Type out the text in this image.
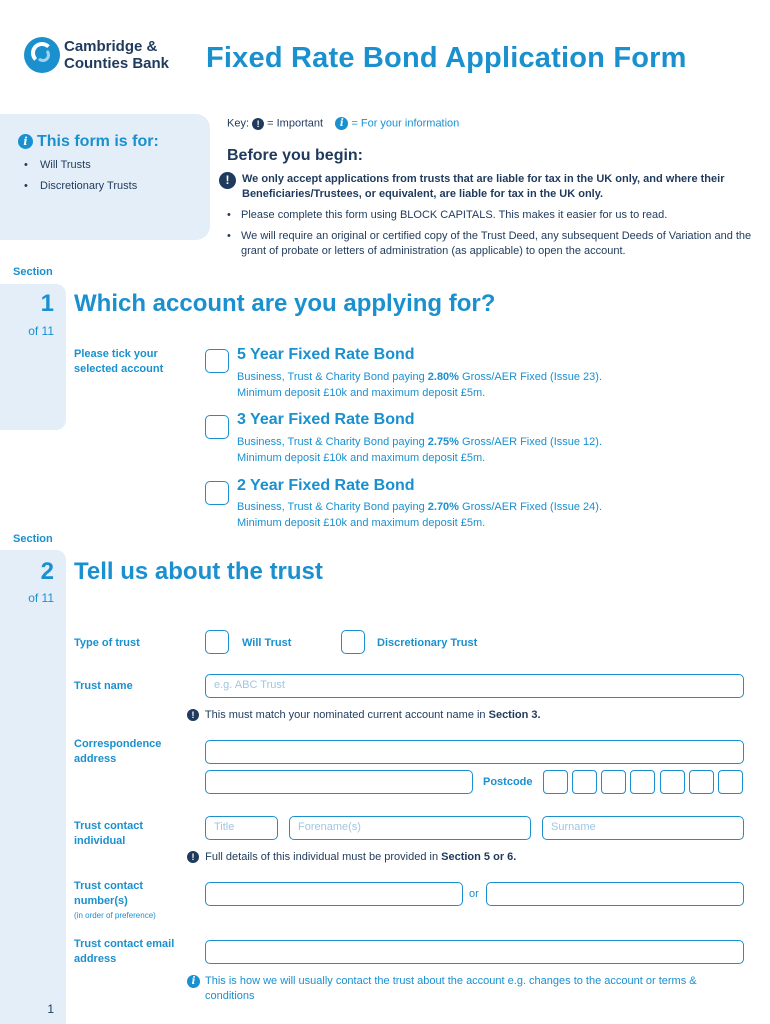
Cambridge &
Counties Bank Fixed Rate Bond Application Form
i This form is for:
• Will Trusts
• Discretionary Trusts
Key: ! = Important i = For your information
Before you begin:
!	We only accept applications from trusts that are liable for tax in the UK only, and where their Beneficiaries/Trustees, or equivalent, are liable for tax in the UK only.
• Please complete this form using BLOCK CAPITALS. This makes it easier for us to read.
• We will require an original or certified copy of the Trust Deed, any subsequent Deeds of Variation and the grant of probate or letters of administration (as applicable) to open the account.
Section
1
of 11
Which account are you applying for?
Please tick your selected account
5 Year Fixed Rate Bond
Business, Trust & Charity Bond paying 2.80% Gross/AER Fixed (Issue 23).
Minimum deposit £10k and maximum deposit £5m.
3 Year Fixed Rate Bond
Business, Trust & Charity Bond paying 2.75% Gross/AER Fixed (Issue 12).
Minimum deposit £10k and maximum deposit £5m.
2 Year Fixed Rate Bond
Business, Trust & Charity Bond paying 2.70% Gross/AER Fixed (Issue 24).
Minimum deposit £10k and maximum deposit £5m.
Section
2
of 11
Tell us about the trust
Type of trust	Will Trust	Discretionary Trust
Trust name	e.g. ABC Trust
! This must match your nominated current account name in Section 3.
Correspondence address
Postcode
Trust contact individual
Title	Forename(s)	Surname
! Full details of this individual must be provided in Section 5 or 6.
Trust contact number(s)
(in order of preference)
or
Trust contact email address
i This is how we will usually contact the trust about the account e.g. changes to the account or terms & conditions
1
